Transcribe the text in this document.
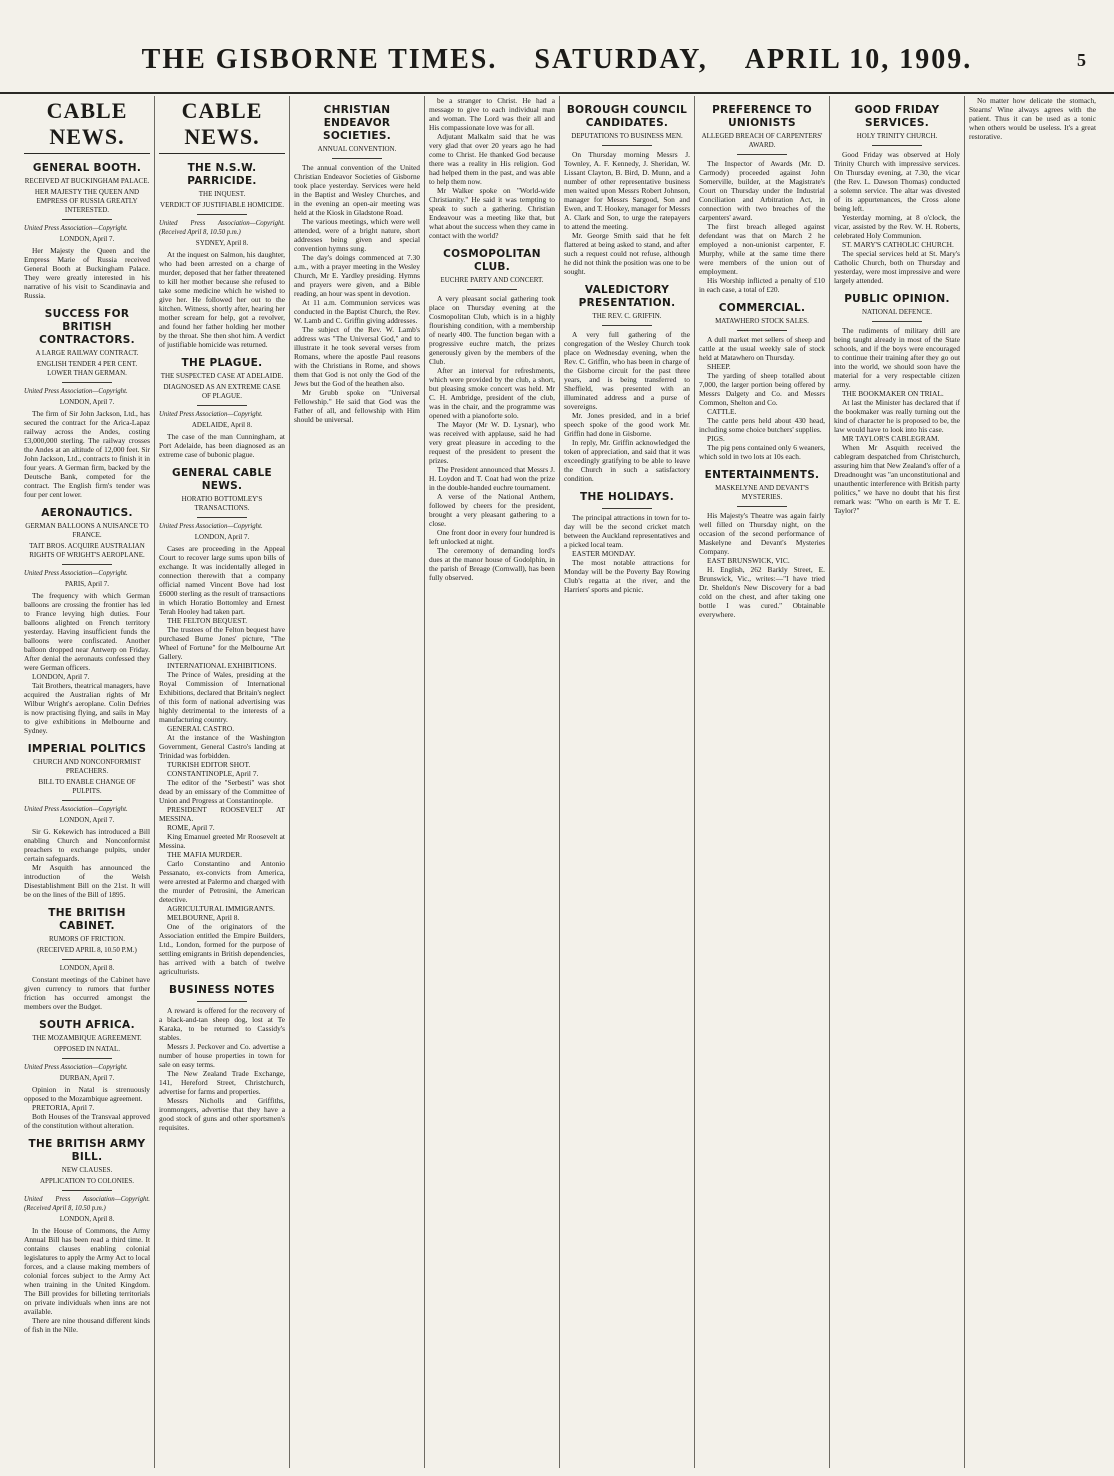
THE GISBORNE TIMES. SATURDAY, APRIL 10, 1909.	5
CABLE NEWS.
GENERAL BOOTH.
RECEIVED AT BUCKINGHAM PALACE.
HER MAJESTY THE QUEEN AND EMPRESS OF RUSSIA GREATLY INTERESTED.
United Press Association—Copyright.
LONDON, April 7.

Her Majesty the Queen and the Empress Marie of Russia received General Booth at Buckingham Palace. They were greatly interested in his narrative of his visit to Scandinavia and Russia.

SUCCESS FOR BRITISH CONTRACTORS.
A LARGE RAILWAY CONTRACT.
ENGLISH TENDER 4 PER CENT. LOWER THAN GERMAN.
United Press Association—Copyright.
LONDON, April 7.

The firm of Sir John Jackson, Ltd., has secured the contract for the Arica-Lapaz railway across the Andes, costing £3,000,000 sterling. The railway crosses the Andes at an altitude of 12,000 feet. Sir John Jackson, Ltd., contracts to finish it in four years. A German firm, backed by the Deutsche Bank, competed for the contract. The English firm's tender was four per cent lower.

AERONAUTICS.
GERMAN BALLOONS A NUISANCE TO FRANCE.
TAIT BROS. ACQUIRE AUSTRALIAN RIGHTS OF WRIGHT'S AEROPLANE.
United Press Association—Copyright.
PARIS, April 7.

The frequency with which German balloons are crossing the frontier has led to France levying high duties. Four balloons alighted on French territory yesterday. Having insufficient funds the balloons were confiscated. Another balloon dropped near Antwerp on Friday. After denial the aeronauts confessed they were German officers.

LONDON, April 7.

Tait Brothers, theatrical managers, have acquired the Australian rights of Mr Wilbur Wright's aeroplane. Colin Defries is now practising flying, and sails in May to give exhibitions in Melbourne and Sydney.

IMPERIAL POLITICS
CHURCH AND NONCONFORMIST PREACHERS.
BILL TO ENABLE CHANGE OF PULPITS.
United Press Association—Copyright.
LONDON, April 7.

Sir G. Kekewich has introduced a Bill enabling Church and Nonconformist preachers to exchange pulpits, under certain safeguards.

Mr Asquith has announced the introduction of the Welsh Disestablishment Bill on the 21st. It will be on the lines of the Bill of 1895.

THE BRITISH CABINET.
RUMORS OF FRICTION.
(RECEIVED APRIL 8, 10.50 P.M.)
LONDON, April 8.

Constant meetings of the Cabinet have given currency to rumors that further friction has occurred amongst the members over the Budget.

SOUTH AFRICA.
THE MOZAMBIQUE AGREEMENT.
OPPOSED IN NATAL.
United Press Association—Copyright.
DURBAN, April 7.

Opinion in Natal is strenuously opposed to the Mozambique agreement.

PRETORIA, April 7.

Both Houses of the Transvaal approved of the constitution without alteration.

THE BRITISH ARMY BILL.
NEW CLAUSES.
APPLICATION TO COLONIES.
United Press Association—Copyright. (Received April 8, 10.50 p.m.)
LONDON, April 8.

In the House of Commons, the Army Annual Bill has been read a third time. It contains clauses enabling colonial legislatures to apply the Army Act to local forces, and a clause making members of colonial forces subject to the Army Act when training in the United Kingdom. The Bill provides for billeting territorials on private individuals when inns are not available.

There are nine thousand different kinds of fish in the Nile.

CABLE NEWS.
THE N.S.W. PARRICIDE.
THE INQUEST.
VERDICT OF JUSTIFIABLE HOMICIDE.
United Press Association—Copyright. (Received April 8, 10.50 p.m.)
SYDNEY, April 8.

At the inquest on Salmon, his daughter, who had been arrested on a charge of murder, deposed that her father threatened to kill her mother because she refused to take some medicine which he wished to give her. He followed her out to the kitchen. Witness, shortly after, hearing her mother scream for help, got a revolver, and found her father holding her mother by the throat. She then shot him. A verdict of justifiable homicide was returned.

THE PLAGUE.
THE SUSPECTED CASE AT ADELAIDE.
DIAGNOSED AS AN EXTREME CASE OF PLAGUE.
United Press Association—Copyright.
ADELAIDE, April 8.

The case of the man Cunningham, at Port Adelaide, has been diagnosed as an extreme case of bubonic plague.

GENERAL CABLE NEWS.
HORATIO BOTTOMLEY'S TRANSACTIONS.
United Press Association—Copyright.
LONDON, April 7.

Cases are proceeding in the Appeal Court to recover large sums upon bills of exchange. It was incidentally alleged in connection therewith that a company official named Vincent Bove had lost £6000 sterling as the result of transactions in which Horatio Bottomley and Ernest Terah Hooley had taken part.

THE FELTON BEQUEST.

The trustees of the Felton bequest have purchased Burne Jones' picture, "The Wheel of Fortune" for the Melbourne Art Gallery.

INTERNATIONAL EXHIBITIONS.

The Prince of Wales, presiding at the Royal Commission of International Exhibitions, declared that Britain's neglect of this form of national advertising was highly detrimental to the interests of a manufacturing country.

GENERAL CASTRO.

At the instance of the Washington Government, General Castro's landing at Trinidad was forbidden.

TURKISH EDITOR SHOT.

CONSTANTINOPLE, April 7.

The editor of the "Serbesti" was shot dead by an emissary of the Committee of Union and Progress at Constantinople.

PRESIDENT ROOSEVELT AT MESSINA.

ROME, April 7.

King Emanuel greeted Mr Roosevelt at Messina.

THE MAFIA MURDER.

Carlo Constantino and Antonio Pessanato, ex-convicts from America, were arrested at Palermo and charged with the murder of Petrosini, the American detective.

AGRICULTURAL IMMIGRANTS.

MELBOURNE, April 8.

One of the originators of the Association entitled the Empire Builders, Ltd., London, formed for the purpose of settling emigrants in British dependencies, has arrived with a batch of twelve agriculturists.

BUSINESS NOTES

A reward is offered for the recovery of a black-and-tan sheep dog, lost at Te Karaka, to be returned to Cassidy's stables.

Messrs J. Peckover and Co. advertise a number of house properties in town for sale on easy terms.

The New Zealand Trade Exchange, 141, Hereford Street, Christchurch, advertise for farms and properties.

Messrs Nicholls and Griffiths, ironmongers, advertise that they have a good stock of guns and other sportsmen's requisites.

CHRISTIAN ENDEAVOR SOCIETIES.
ANNUAL CONVENTION.

The annual convention of the United Christian Endeavor Societies of Gisborne took place yesterday. Services were held in the Baptist and Wesley Churches, and in the evening an open-air meeting was held at the Kiosk in Gladstone Road.

The various meetings, which were well attended, were of a bright nature, short addresses being given and special convention hymns sung.

The day's doings commenced at 7.30 a.m., with a prayer meeting in the Wesley Church, Mr E. Yardley presiding. Hymns and prayers were given, and a Bible reading, an hour was spent in devotion.

At 11 a.m. Communion services was conducted in the Baptist Church, the Rev. W. Lamb and C. Griffin giving addresses.

The subject of the Rev. W. Lamb's address was "The Universal God," and to illustrate it he took several verses from Romans, where the apostle Paul reasons with the Christians in Rome, and shows them that God is not only the God of the Jews but the God of the heathen also.

Mr Grubb spoke on "Universal Fellowship." He said that God was the Father of all, and fellowship with Him should be universal.

be a stranger to Christ. He had a message to give to each individual man and woman. The Lord was their all and His compassionate love was for all.

Adjutant Malkalm said that he was very glad that over 20 years ago he had come to Christ. He thanked God because there was a reality in His religion. God had helped them in the past, and was able to help them now.

Mr Walker spoke on "World-wide Christianity." He said it was tempting to speak to such a gathering. Christian Endeavour was a meeting like that, but what about the success when they came in contact with the world?

COSMOPOLITAN CLUB.
EUCHRE PARTY AND CONCERT.

A very pleasant social gathering took place on Thursday evening at the Cosmopolitan Club, which is in a highly flourishing condition, with a membership of nearly 400. The function began with a progressive euchre match, the prizes generously given by the members of the Club.

After an interval for refreshments, which were provided by the club, a short, but pleasing smoke concert was held. Mr C. H. Ambridge, president of the club, was in the chair, and the programme was opened with a pianoforte solo.

The Mayor (Mr W. D. Lysnar), who was received with applause, said he had very great pleasure in acceding to the request of the president to present the prizes.

The President announced that Messrs J. H. Loydon and T. Coat had won the prize in the double-handed euchre tournament.

A verse of the National Anthem, followed by cheers for the president, brought a very pleasant gathering to a close.

One front door in every four hundred is left unlocked at night.

The ceremony of demanding lord's dues at the manor house of Godolphin, in the parish of Breage (Cornwall), has been fully observed.

BOROUGH COUNCIL CANDIDATES.
DEPUTATIONS TO BUSINESS MEN.

On Thursday morning Messrs J. Townley, A. F. Kennedy, J. Sheridan, W. Lissant Clayton, B. Bird, D. Munn, and a number of other representative business men waited upon Messrs Robert Johnson, manager for Messrs Sargood, Son and Ewen, and T. Hookey, manager for Messrs A. Clark and Son, to urge the ratepayers to attend the meeting.

Mr. George Smith said that he felt flattered at being asked to stand, and after such a request could not refuse, although he did not think the position was one to be sought.

VALEDICTORY PRESENTATION.
THE REV. C. GRIFFIN.

A very full gathering of the congregation of the Wesley Church took place on Wednesday evening, when the Rev. C. Griffin, who has been in charge of the Gisborne circuit for the past three years, and is being transferred to Sheffield, was presented with an illuminated address and a purse of sovereigns.

Mr. Jones presided, and in a brief speech spoke of the good work Mr. Griffin had done in Gisborne.

In reply, Mr. Griffin acknowledged the token of appreciation, and said that it was exceedingly gratifying to be able to leave the Church in such a satisfactory condition.

THE HOLIDAYS.

The principal attractions in town for to-day will be the second cricket match between the Auckland representatives and a picked local team.

EASTER MONDAY.

The most notable attractions for Monday will be the Poverty Bay Rowing Club's regatta at the river, and the Harriers' sports and picnic.

PREFERENCE TO UNIONISTS
ALLEGED BREACH OF CARPENTERS' AWARD.

The Inspector of Awards (Mr. D. Carmody) proceeded against John Somerville, builder, at the Magistrate's Court on Thursday under the Industrial Conciliation and Arbitration Act, in connection with two breaches of the carpenters' award.

The first breach alleged against defendant was that on March 2 he employed a non-unionist carpenter, F. Murphy, while at the same time there were members of the union out of employment.

His Worship inflicted a penalty of £10 in each case, a total of £20.

COMMERCIAL.
MATAWHERO STOCK SALES.

A dull market met sellers of sheep and cattle at the usual weekly sale of stock held at Matawhero on Thursday.

SHEEP.

The yarding of sheep totalled about 7,000, the larger portion being offered by Messrs Dalgety and Co. and Messrs Common, Shelton and Co.

CATTLE.

The cattle pens held about 430 head, including some choice butchers' supplies.

PIGS.

The pig pens contained only 6 weaners, which sold in two lots at 10s each.

ENTERTAINMENTS.
MASKELYNE AND DEVANT'S MYSTERIES.

His Majesty's Theatre was again fairly well filled on Thursday night, on the occasion of the second performance of Maskelyne and Devant's Mysteries Company.

EAST BRUNSWICK, VIC.

H. English, 262 Barkly Street, E. Brunswick, Vic., writes:—"I have tried Dr. Sheldon's New Discovery for a bad cold on the chest, and after taking one bottle I was cured." Obtainable everywhere.

GOOD FRIDAY SERVICES.
HOLY TRINITY CHURCH.

Good Friday was observed at Holy Trinity Church with impressive services. On Thursday evening, at 7.30, the vicar (the Rev. L. Dawson Thomas) conducted a solemn service. The altar was divested of its appurtenances, the Cross alone being left.

Yesterday morning, at 8 o'clock, the vicar, assisted by the Rev. W. H. Roberts, celebrated Holy Communion.

ST. MARY'S CATHOLIC CHURCH.

The special services held at St. Mary's Catholic Church, both on Thursday and yesterday, were most impressive and were largely attended.

PUBLIC OPINION.
NATIONAL DEFENCE.

The rudiments of military drill are being taught already in most of the State schools, and if the boys were encouraged to continue their training after they go out into the world, we should soon have the material for a very respectable citizen army.

THE BOOKMAKER ON TRIAL.

At last the Minister has declared that if the bookmaker was really turning out the kind of character he is proposed to be, the law would have to look into his case.

MR TAYLOR'S CABLEGRAM.

When Mr Asquith received the cablegram despatched from Christchurch, assuring him that New Zealand's offer of a Dreadnought was "an unconstitutional and unauthentic interference with British party politics," we have no doubt that his first remark was: "Who on earth is Mr T. E. Taylor?"

No matter how delicate the stomach, Stearns' Wine always agrees with the patient. Thus it can be used as a tonic when others would be useless. It's a great restorative.
